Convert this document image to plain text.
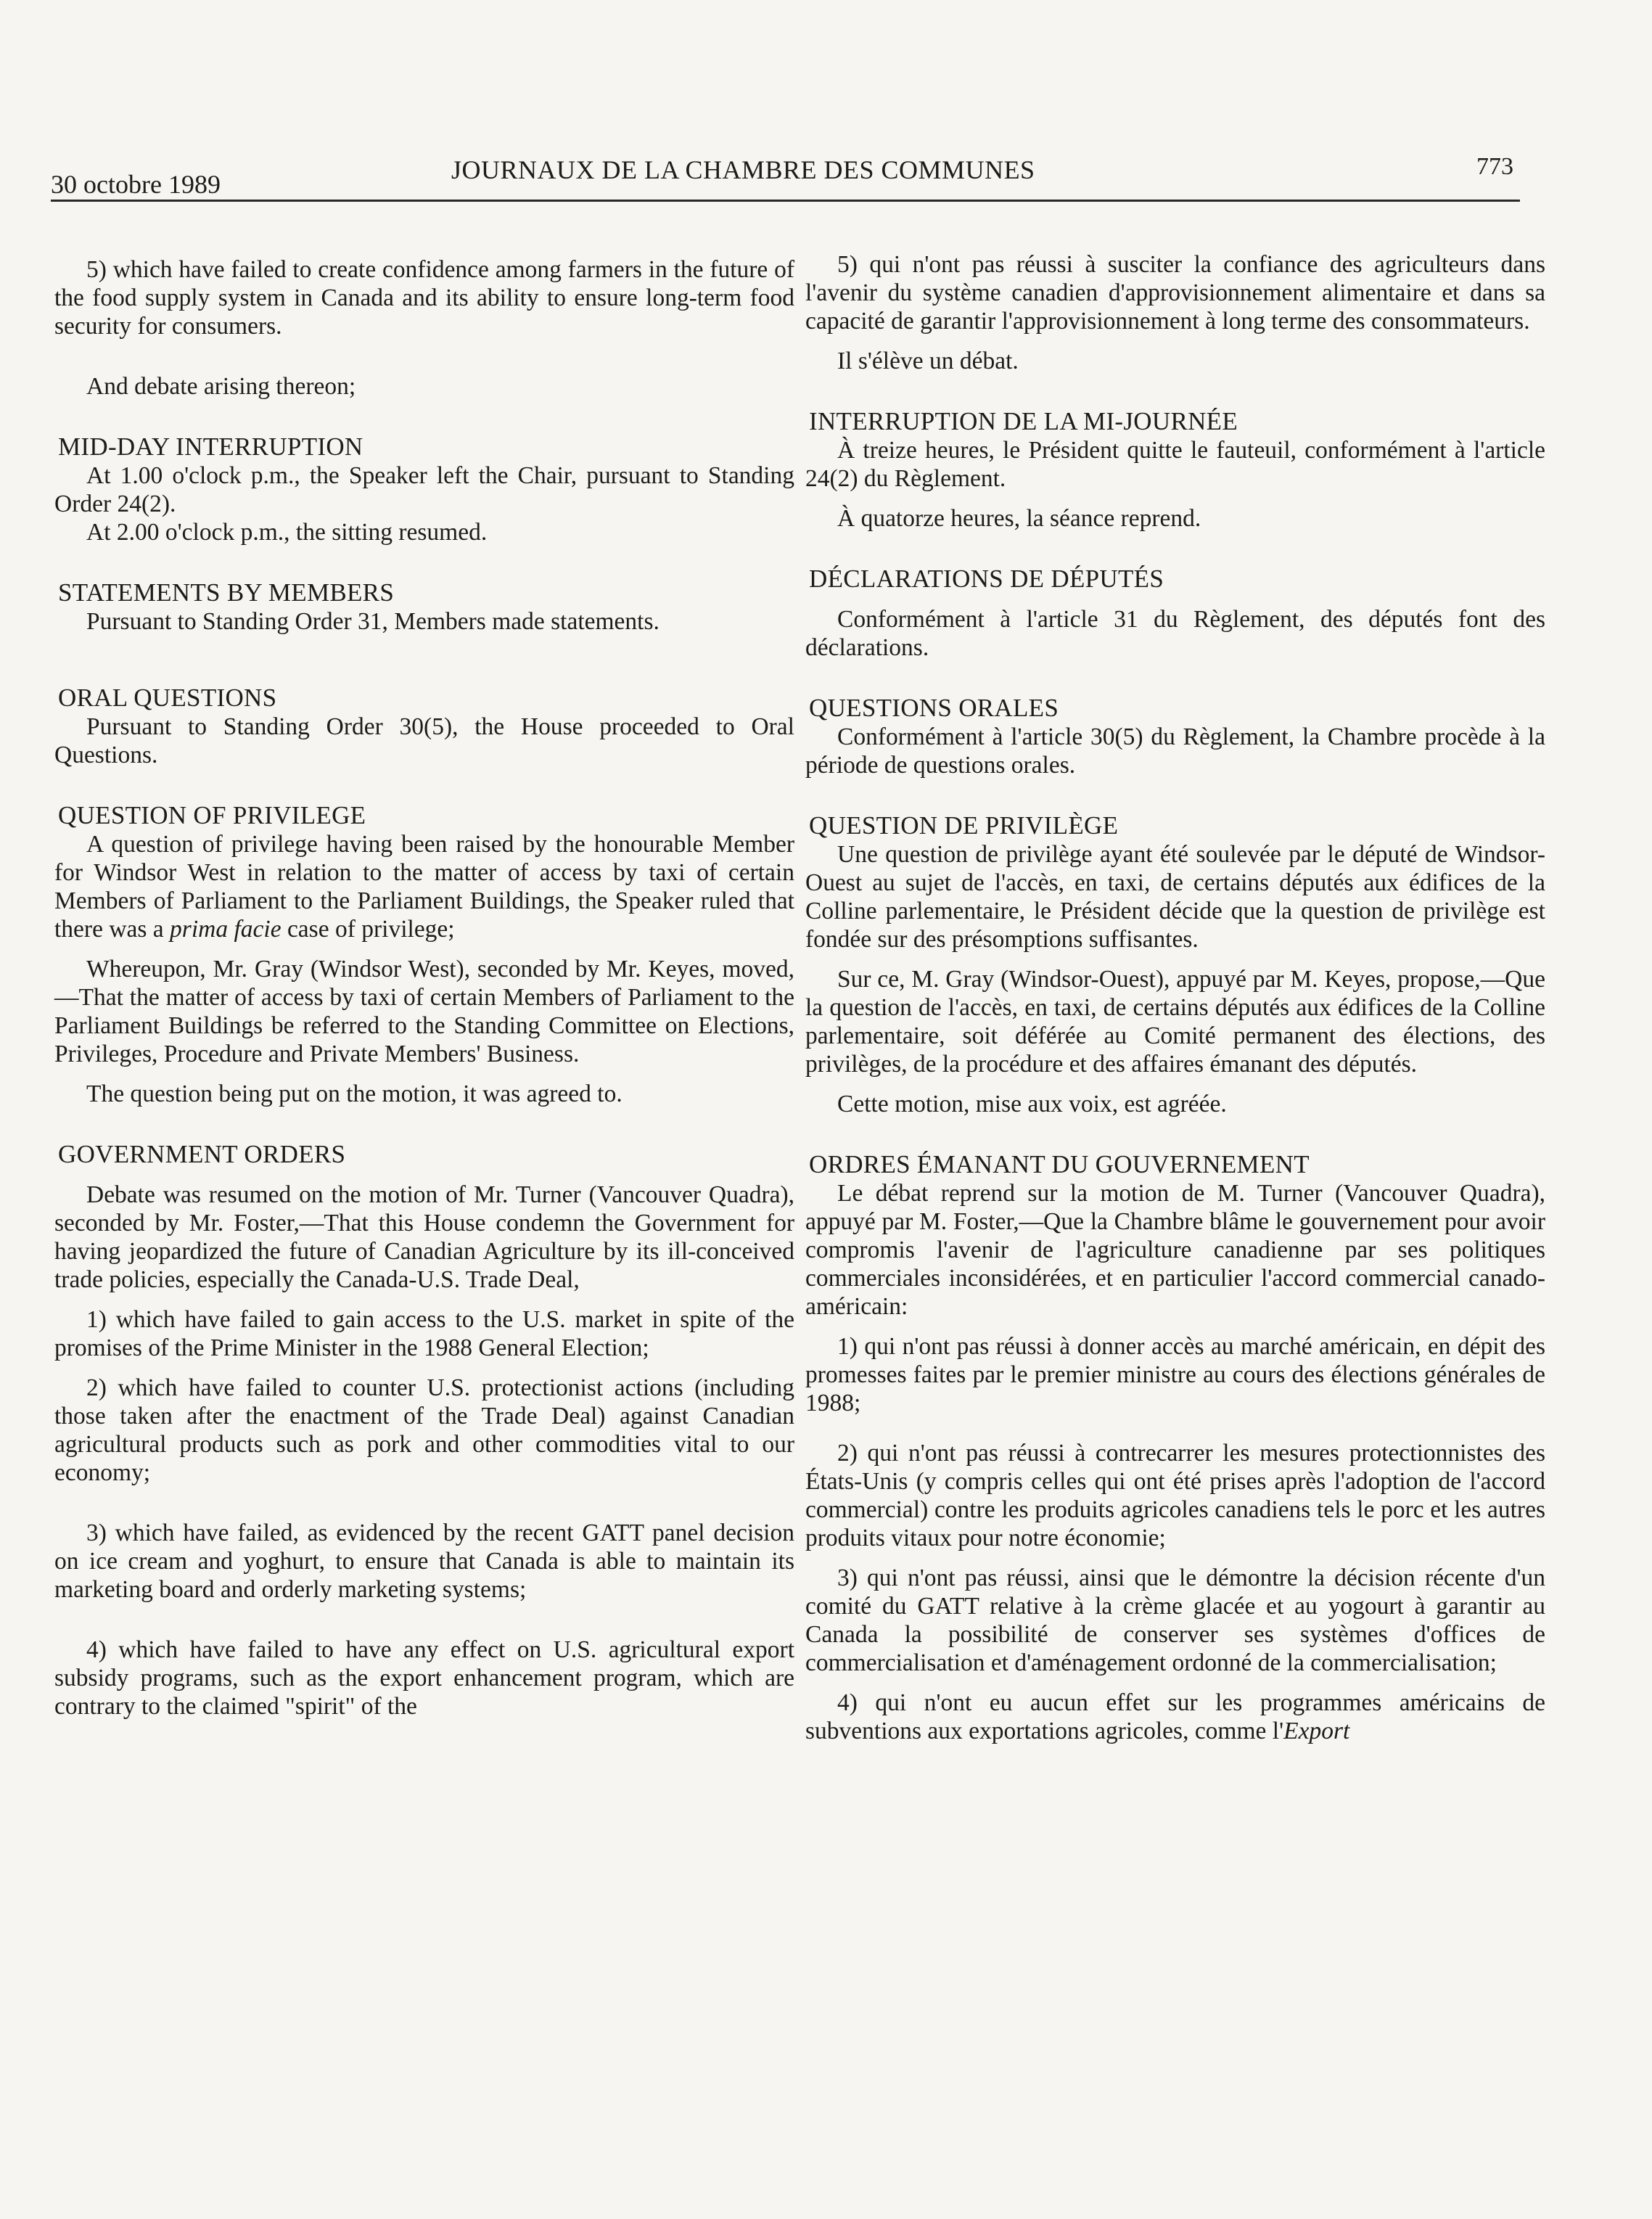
30 octobre 1989	JOURNAUX DE LA CHAMBRE DES COMMUNES	773

5) which have failed to create confidence among farmers in the future of the food supply system in Canada and its ability to ensure long-term food security for consumers.

And debate arising thereon;

MID-DAY INTERRUPTION

At 1.00 o'clock p.m., the Speaker left the Chair, pursuant to Standing Order 24(2).

At 2.00 o'clock p.m., the sitting resumed.

STATEMENTS BY MEMBERS

Pursuant to Standing Order 31, Members made statements.

ORAL QUESTIONS

Pursuant to Standing Order 30(5), the House proceeded to Oral Questions.

QUESTION OF PRIVILEGE

A question of privilege having been raised by the honourable Member for Windsor West in relation to the matter of access by taxi of certain Members of Parliament to the Parliament Buildings, the Speaker ruled that there was a prima facie case of privilege;

Whereupon, Mr. Gray (Windsor West), seconded by Mr. Keyes, moved,—That the matter of access by taxi of certain Members of Parliament to the Parliament Buildings be referred to the Standing Committee on Elections, Privileges, Procedure and Private Members' Business.

The question being put on the motion, it was agreed to.

GOVERNMENT ORDERS

Debate was resumed on the motion of Mr. Turner (Vancouver Quadra), seconded by Mr. Foster,—That this House condemn the Government for having jeopardized the future of Canadian Agriculture by its ill-conceived trade policies, especially the Canada-U.S. Trade Deal,

1) which have failed to gain access to the U.S. market in spite of the promises of the Prime Minister in the 1988 General Election;

2) which have failed to counter U.S. protectionist actions (including those taken after the enactment of the Trade Deal) against Canadian agricultural products such as pork and other commodities vital to our economy;

3) which have failed, as evidenced by the recent GATT panel decision on ice cream and yoghurt, to ensure that Canada is able to maintain its marketing board and orderly marketing systems;

4) which have failed to have any effect on U.S. agricultural export subsidy programs, such as the export enhancement program, which are contrary to the claimed "spirit" of the

5) qui n'ont pas réussi à susciter la confiance des agriculteurs dans l'avenir du système canadien d'approvisionnement alimentaire et dans sa capacité de garantir l'approvisionnement à long terme des consommateurs.

Il s'élève un débat.

INTERRUPTION DE LA MI-JOURNÉE

À treize heures, le Président quitte le fauteuil, conformément à l'article 24(2) du Règlement.

À quatorze heures, la séance reprend.

DÉCLARATIONS DE DÉPUTÉS

Conformément à l'article 31 du Règlement, des députés font des déclarations.

QUESTIONS ORALES

Conformément à l'article 30(5) du Règlement, la Chambre procède à la période de questions orales.

QUESTION DE PRIVILÈGE

Une question de privilège ayant été soulevée par le député de Windsor-Ouest au sujet de l'accès, en taxi, de certains députés aux édifices de la Colline parlementaire, le Président décide que la question de privilège est fondée sur des présomptions suffisantes.

Sur ce, M. Gray (Windsor-Ouest), appuyé par M. Keyes, propose,—Que la question de l'accès, en taxi, de certains députés aux édifices de la Colline parlementaire, soit déférée au Comité permanent des élections, des privilèges, de la procédure et des affaires émanant des députés.

Cette motion, mise aux voix, est agréée.

ORDRES ÉMANANT DU GOUVERNEMENT

Le débat reprend sur la motion de M. Turner (Vancouver Quadra), appuyé par M. Foster,—Que la Chambre blâme le gouvernement pour avoir compromis l'avenir de l'agriculture canadienne par ses politiques commerciales inconsidérées, et en particulier l'accord commercial canado-américain:

1) qui n'ont pas réussi à donner accès au marché américain, en dépit des promesses faites par le premier ministre au cours des élections générales de 1988;

2) qui n'ont pas réussi à contrecarrer les mesures protectionnistes des États-Unis (y compris celles qui ont été prises après l'adoption de l'accord commercial) contre les produits agricoles canadiens tels le porc et les autres produits vitaux pour notre économie;

3) qui n'ont pas réussi, ainsi que le démontre la décision récente d'un comité du GATT relative à la crème glacée et au yogourt à garantir au Canada la possibilité de conserver ses systèmes d'offices de commercialisation et d'aménagement ordonné de la commercialisation;

4) qui n'ont eu aucun effet sur les programmes américains de subventions aux exportations agricoles, comme l'Export
